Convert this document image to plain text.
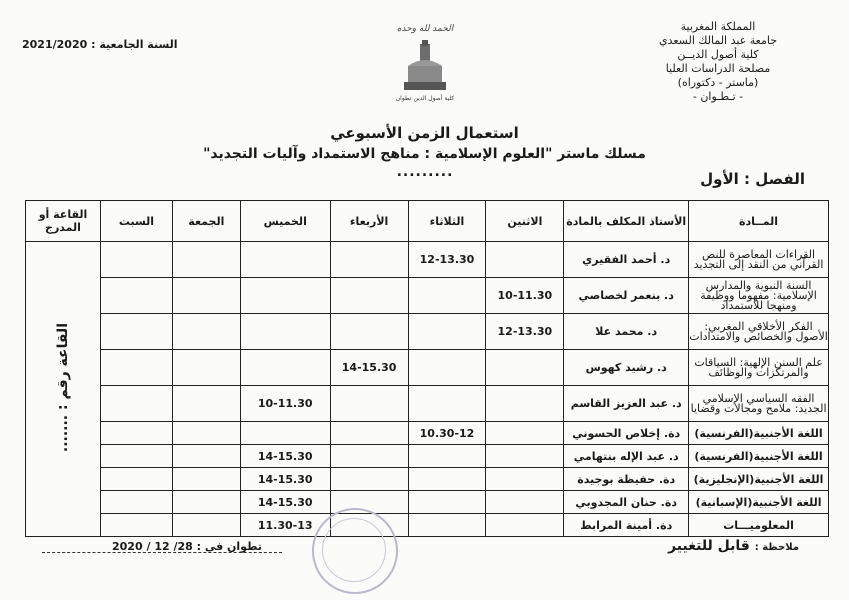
المملكة المغربية
جامعة عبد المالك السعدي
كلية أصول الديــن
مصلحة الدراسات العليا
(ماستر - دكتوراه)
- تـطـوان -
السنة الجامعية : 2021/2020
الحمد لله وحده
كلية أصول الدين تطوان
استعمال الزمن الأسبوعي
مسلك ماستر "العلوم الإسلامية : مناهج الاستمداد وآليات التجديد"
.........	الفصل : الأول
المــادة	الأستاذ المكلف بالمادة	الاثنين	الثلاثاء	الأربعاء	الخميس	الجمعة	السبت	القاعة أو المدرج
القراءات المعاصرة للنص القرآني من النقد إلى التجديد	د. أحمد الفقيري		12-13.30					القاعة رقم : .......
السنة النبوية والمدارس الإسلامية: مفهوما ووظيفة ومنهجا للاستمداد	د. بنعمر لخصاصي	10-11.30						
الفكر الأخلاقي المغربي: الأصول والخصائص والامتدادات	د. محمد علا	12-13.30						
علم السنن الإلهية: السياقات والمرتكزات والوظائف	د. رشيد كهوس			14-15.30				
الفقه السياسي الإسلامي الجديد: ملامح ومجالات وقضايا	د. عبد العزيز القاسم				10-11.30			
اللغة الأجنبية(الفرنسية)	دة. إخلاص الحسوني		10.30-12					
اللغة الأجنبية(الفرنسية)	د. عبد الإله بنتهامي				14-15.30			
اللغة الأجنبية(الإنجليزية)	دة. حفيظة بوجيدة				14-15.30			
اللغة الأجنبية(الإسبانية)	دة. حنان المجدوبي				14-15.30			
المعلوميـــات	دة. أمينة المرابط				11.30-13			
ملاحظة : قابل للتغيير
تطوان في : 28/ 12 / 2020
